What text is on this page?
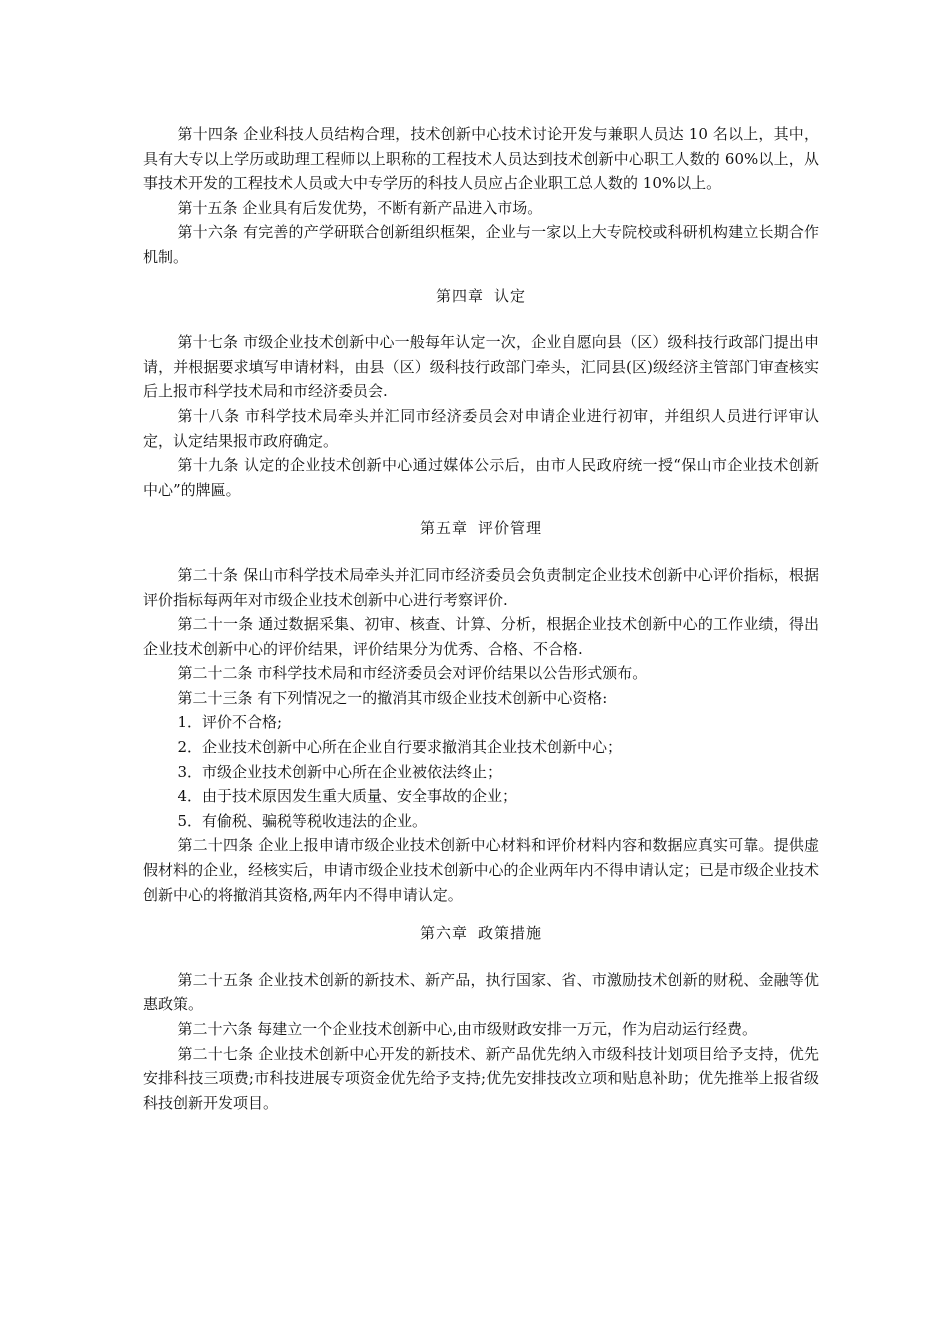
第十四条 企业科技人员结构合理，技术创新中心技术讨论开发与兼职人员达 10 名以上，其中，具有大专以上学历或助理工程师以上职称的工程技术人员达到技术创新中心职工人数的 60%以上，从事技术开发的工程技术人员或大中专学历的科技人员应占企业职工总人数的 10%以上。

第十五条 企业具有后发优势，不断有新产品进入市场。

第十六条 有完善的产学研联合创新组织框架，企业与一家以上大专院校或科研机构建立长期合作机制。

第四章 认定

第十七条 市级企业技术创新中心一般每年认定一次，企业自愿向县（区）级科技行政部门提出申请，并根据要求填写申请材料，由县（区）级科技行政部门牵头，汇同县(区)级经济主管部门审查核实后上报市科学技术局和市经济委员会.

第十八条 市科学技术局牵头并汇同市经济委员会对申请企业进行初审，并组织人员进行评审认定，认定结果报市政府确定。

第十九条 认定的企业技术创新中心通过媒体公示后，由市人民政府统一授“保山市企业技术创新中心”的牌匾。

第五章 评价管理

第二十条 保山市科学技术局牵头并汇同市经济委员会负责制定企业技术创新中心评价指标，根据评价指标每两年对市级企业技术创新中心进行考察评价.

第二十一条 通过数据采集、初审、核查、计算、分析，根据企业技术创新中心的工作业绩，得出企业技术创新中心的评价结果，评价结果分为优秀、合格、不合格.

第二十二条 市科学技术局和市经济委员会对评价结果以公告形式颁布。

第二十三条 有下列情况之一的撤消其市级企业技术创新中心资格:

1．评价不合格;

2．企业技术创新中心所在企业自行要求撤消其企业技术创新中心；

3．市级企业技术创新中心所在企业被依法终止；

4．由于技术原因发生重大质量、安全事故的企业；

5．有偷税、骗税等税收违法的企业。

第二十四条 企业上报申请市级企业技术创新中心材料和评价材料内容和数据应真实可靠。提供虚假材料的企业，经核实后，申请市级企业技术创新中心的企业两年内不得申请认定；已是市级企业技术创新中心的将撤消其资格,两年内不得申请认定。

第六章 政策措施

第二十五条 企业技术创新的新技术、新产品，执行国家、省、市激励技术创新的财税、金融等优惠政策。

第二十六条 每建立一个企业技术创新中心,由市级财政安排一万元，作为启动运行经费。

第二十七条 企业技术创新中心开发的新技术、新产品优先纳入市级科技计划项目给予支持，优先安排科技三项费;市科技进展专项资金优先给予支持;优先安排技改立项和贴息补助；优先推举上报省级科技创新开发项目。
